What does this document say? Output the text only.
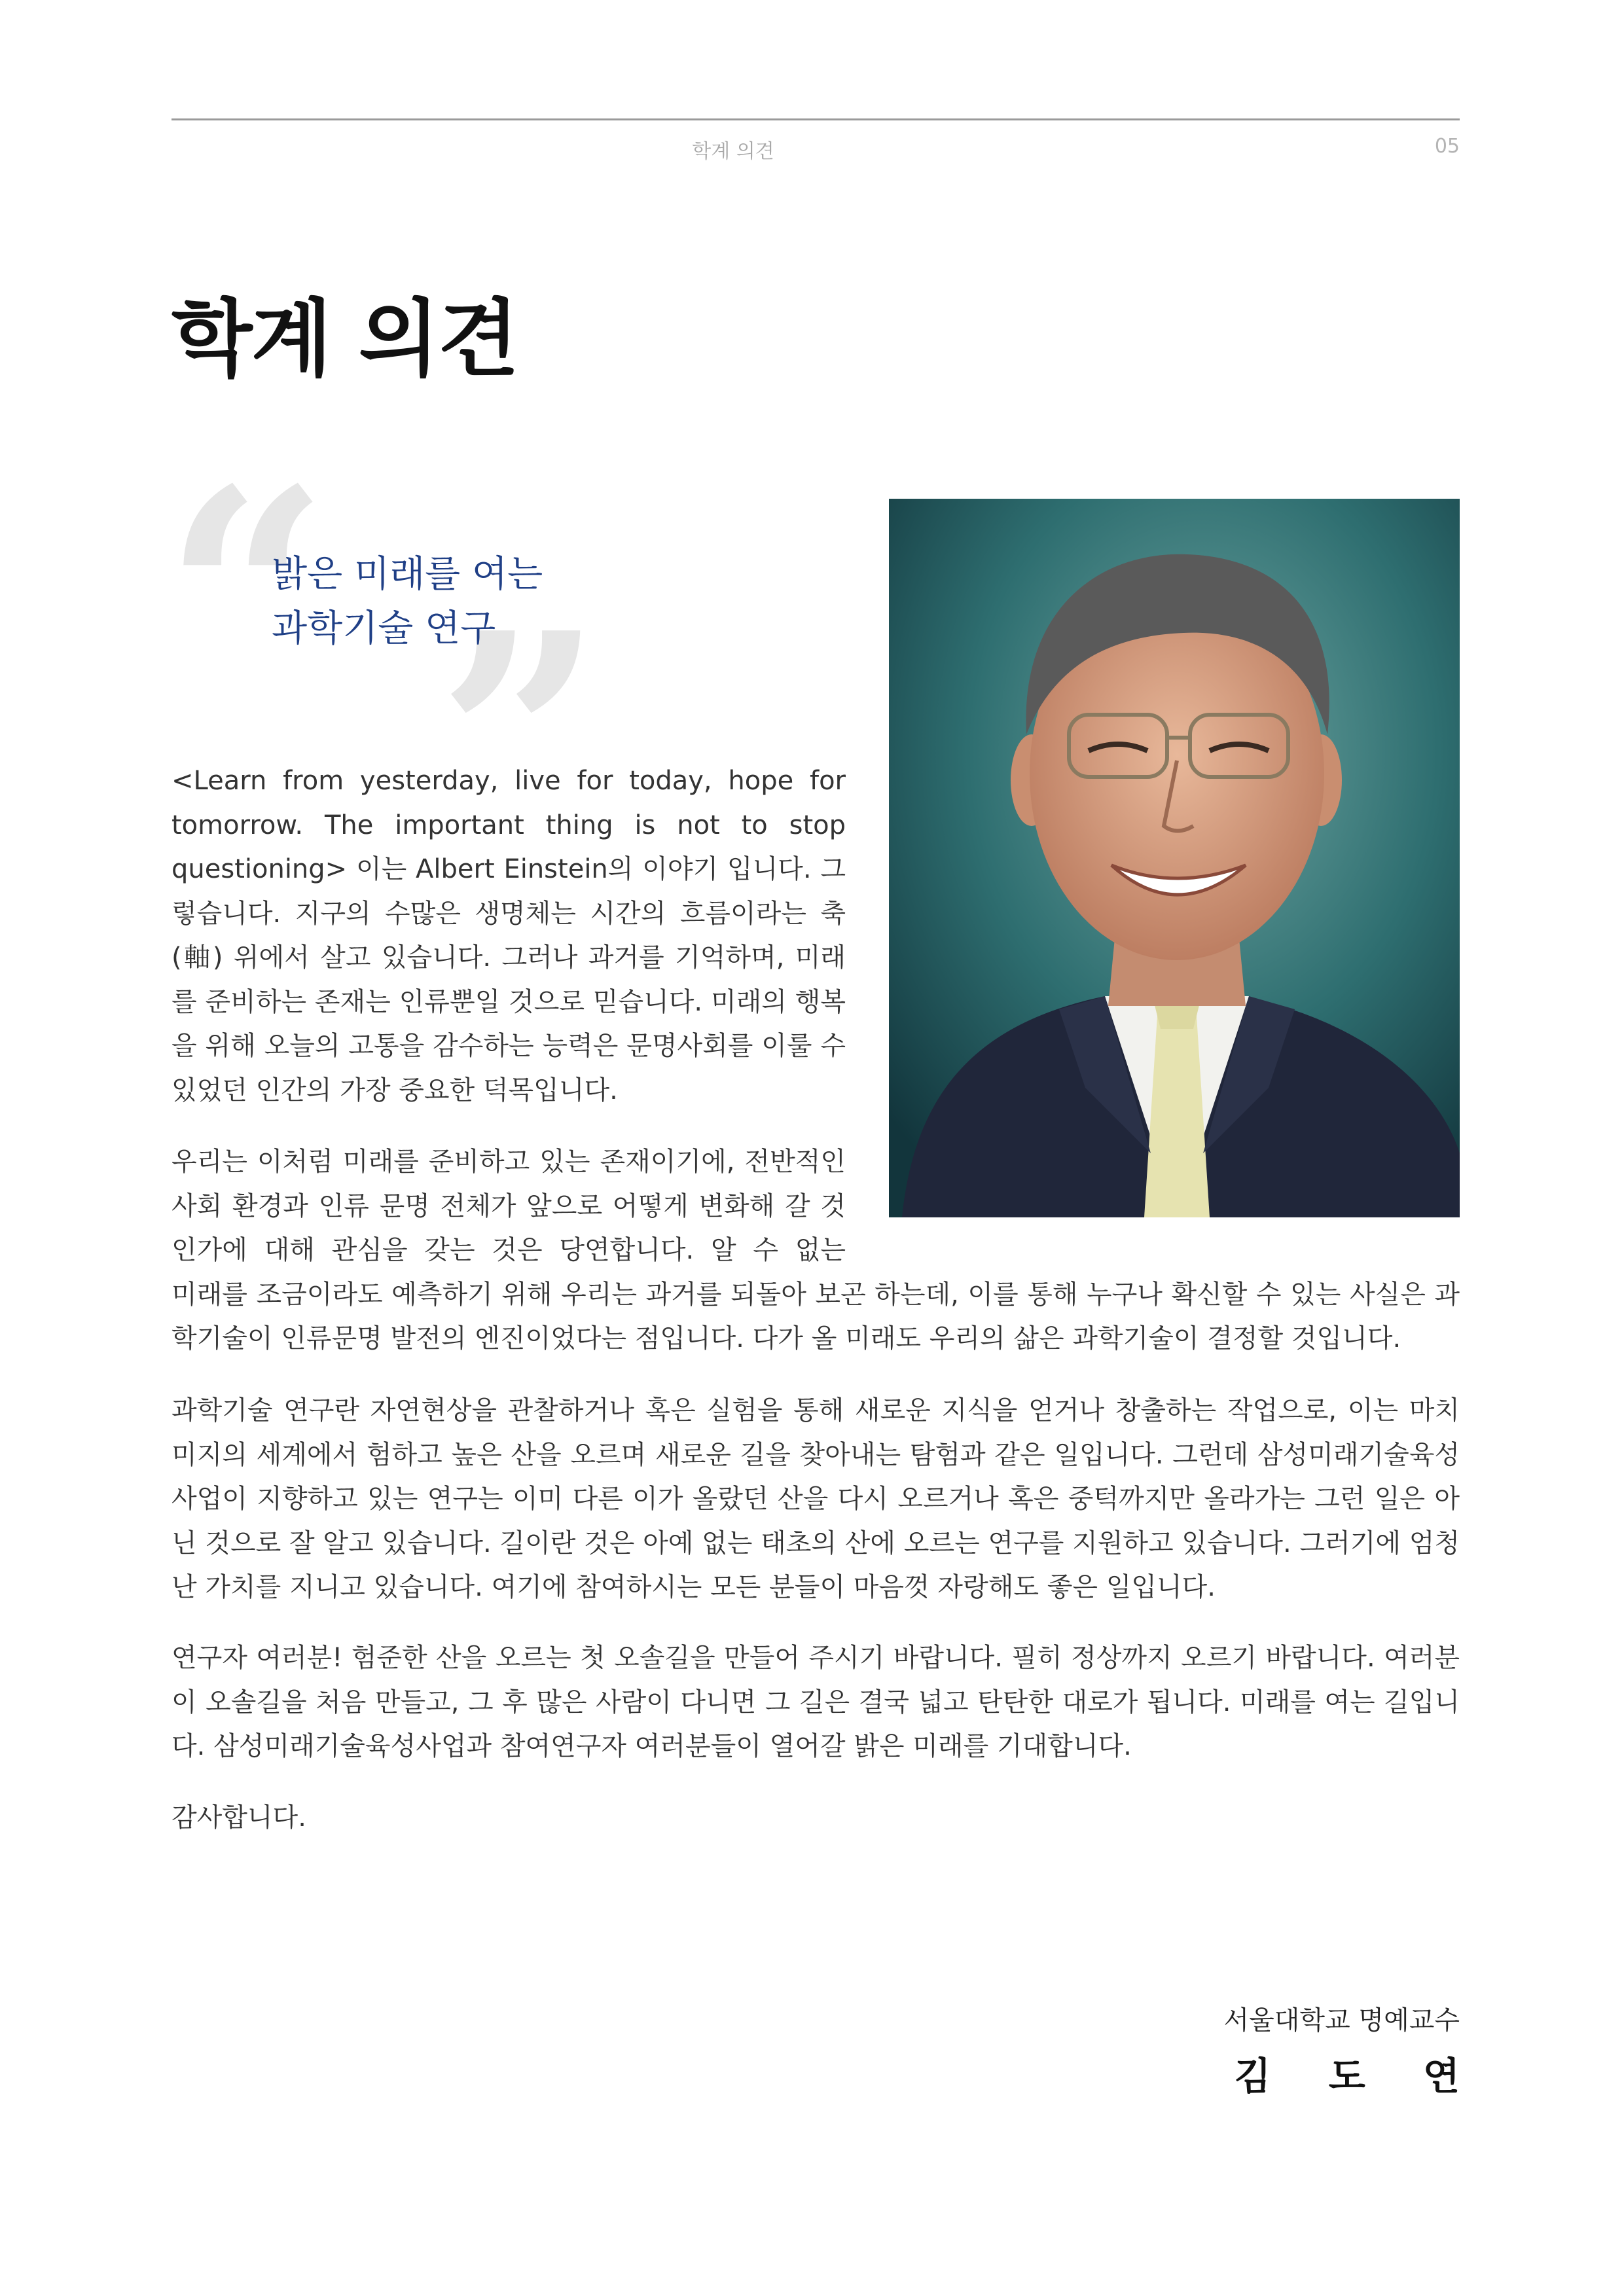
학계 의견	05
학계 의견
“ ”
밝은 미래를 여는
과학기술 연구

<Learn from yesterday, live for today, hope for tomorrow. The important thing is not to stop questioning> 이는 Albert Einstein의 이야기 입니다. 그렇습니다. 지구의 수많은 생명체는 시간의 흐름이라는 축(軸) 위에서 살고 있습니다. 그러나 과거를 기억하며, 미래를 준비하는 존재는 인류뿐일 것으로 믿습니다. 미래의 행복을 위해 오늘의 고통을 감수하는 능력은 문명사회를 이룰 수 있었던 인간의 가장 중요한 덕목입니다.

우리는 이처럼 미래를 준비하고 있는 존재이기에, 전반적인 사회 환경과 인류 문명 전체가 앞으로 어떻게 변화해 갈 것인가에 대해 관심을 갖는 것은 당연합니다. 알 수 없는
미래를 조금이라도 예측하기 위해 우리는 과거를 되돌아 보곤 하는데, 이를 통해 누구나 확신할 수 있는 사실은 과학기술이 인류문명 발전의 엔진이었다는 점입니다. 다가 올 미래도 우리의 삶은 과학기술이 결정할 것입니다.

과학기술 연구란 자연현상을 관찰하거나 혹은 실험을 통해 새로운 지식을 얻거나 창출하는 작업으로, 이는 마치 미지의 세계에서 험하고 높은 산을 오르며 새로운 길을 찾아내는 탐험과 같은 일입니다. 그런데 삼성미래기술육성사업이 지향하고 있는 연구는 이미 다른 이가 올랐던 산을 다시 오르거나 혹은 중턱까지만 올라가는 그런 일은 아닌 것으로 잘 알고 있습니다. 길이란 것은 아예 없는 태초의 산에 오르는 연구를 지원하고 있습니다. 그러기에 엄청난 가치를 지니고 있습니다. 여기에 참여하시는 모든 분들이 마음껏 자랑해도 좋은 일입니다.

연구자 여러분! 험준한 산을 오르는 첫 오솔길을 만들어 주시기 바랍니다. 필히 정상까지 오르기 바랍니다. 여러분이 오솔길을 처음 만들고, 그 후 많은 사람이 다니면 그 길은 결국 넓고 탄탄한 대로가 됩니다. 미래를 여는 길입니다. 삼성미래기술육성사업과 참여연구자 여러분들이 열어갈 밝은 미래를 기대합니다.

감사합니다.

서울대학교 명예교수
김 도 연
